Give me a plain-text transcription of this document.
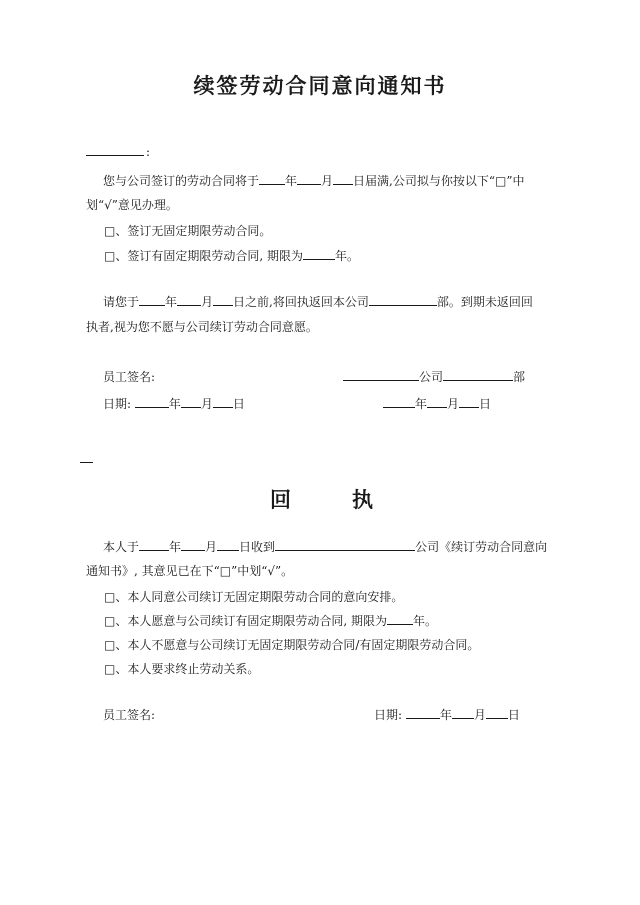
续签劳动合同意向通知书
:
您与公司签订的劳动合同将于 年 月 日届满,公司拟与你按以下“□”中
划“√”意见办理。
□、签订无固定期限劳动合同。
□、签订有固定期限劳动合同, 期限为	年。
请您于 年 月 日之前,将回执返回本公司	部。到期未返回回
执者,视为您不愿与公司续订劳动合同意愿。
员工签名:	公司	部
日期:	年 月 日	年 月 日
回	执
本人于	年 月 日收到	公司《续订劳动合同意向
通知书》, 其意见已在下“□”中划“√”。
□、本人同意公司续订无固定期限劳动合同的意向安排。
□、本人愿意与公司续订有固定期限劳动合同, 期限为 年。
□、本人不愿意与公司续订无固定期限劳动合同/有固定期限劳动合同。
□、本人要求终止劳动关系。
员工签名:	日期:	年 月 日
